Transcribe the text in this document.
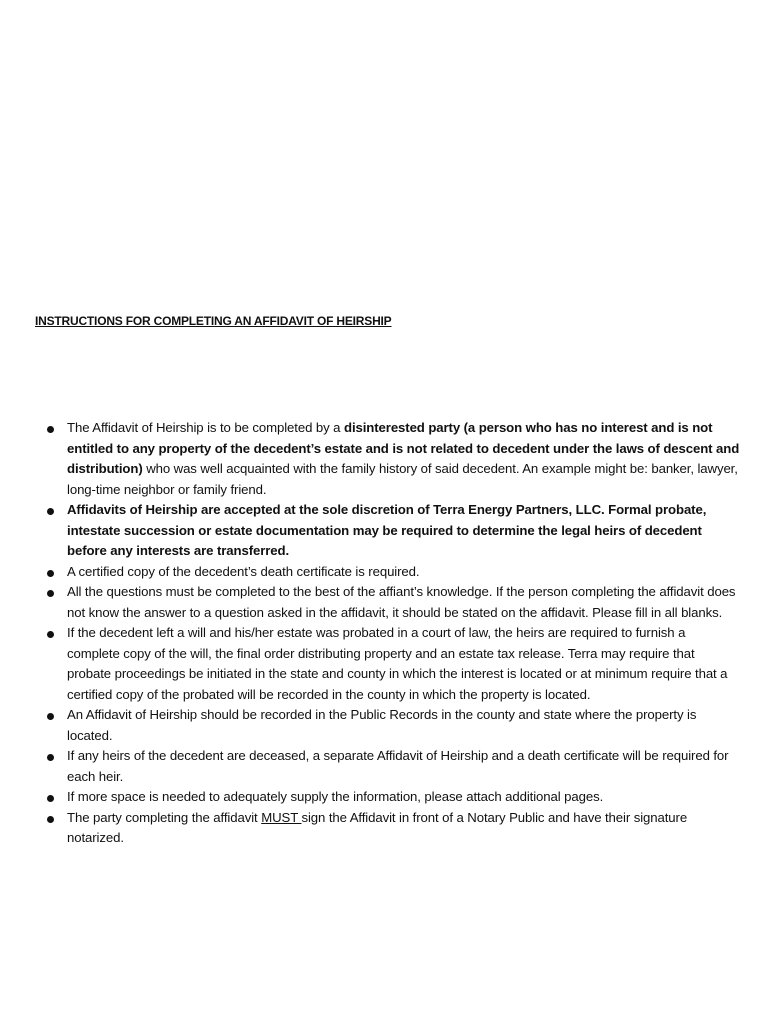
INSTRUCTIONS FOR COMPLETING AN AFFIDAVIT OF HEIRSHIP
The Affidavit of Heirship is to be completed by a disinterested party (a person who has no interest and is not entitled to any property of the decedent’s estate and is not related to decedent under the laws of descent and distribution) who was well acquainted with the family history of said decedent. An example might be: banker, lawyer, long-time neighbor or family friend.
Affidavits of Heirship are accepted at the sole discretion of Terra Energy Partners, LLC. Formal probate, intestate succession or estate documentation may be required to determine the legal heirs of decedent before any interests are transferred.
A certified copy of the decedent’s death certificate is required.
All the questions must be completed to the best of the affiant’s knowledge. If the person completing the affidavit does not know the answer to a question asked in the affidavit, it should be stated on the affidavit. Please fill in all blanks.
If the decedent left a will and his/her estate was probated in a court of law, the heirs are required to furnish a complete copy of the will, the final order distributing property and an estate tax release. Terra may require that probate proceedings be initiated in the state and county in which the interest is located or at minimum require that a certified copy of the probated will be recorded in the county in which the property is located.
An Affidavit of Heirship should be recorded in the Public Records in the county and state where the property is located.
If any heirs of the decedent are deceased, a separate Affidavit of Heirship and a death certificate will be required for each heir.
If more space is needed to adequately supply the information, please attach additional pages.
The party completing the affidavit MUST sign the Affidavit in front of a Notary Public and have their signature notarized.
